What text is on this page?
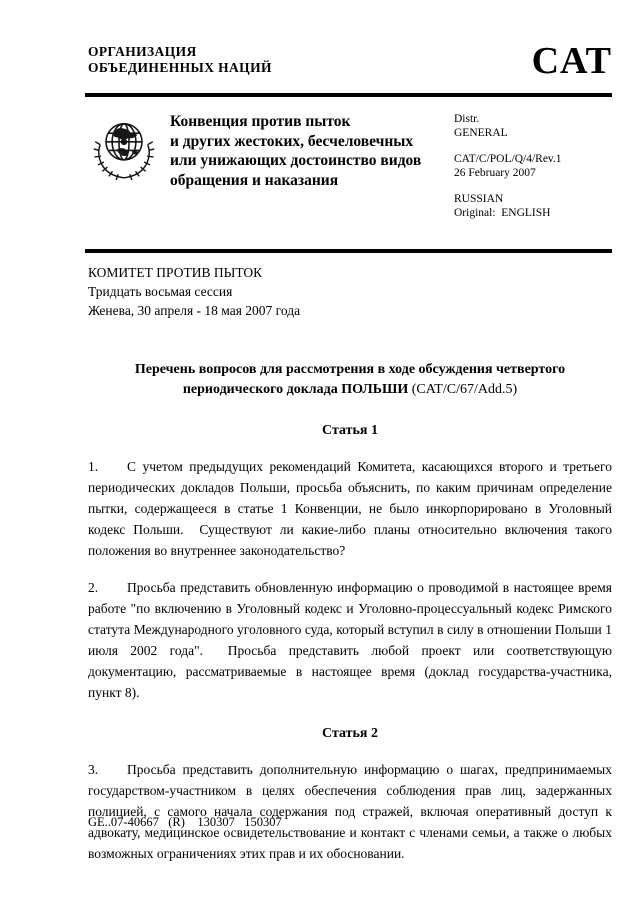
ОРГАНИЗАЦИЯ
ОБЪЕДИНЕННЫХ НАЦИЙ	CAT
Конвенция против пыток
и других жестоких, бесчеловечных
или унижающих достоинство видов
обращения и наказания
Distr.
GENERAL
CAT/C/POL/Q/4/Rev.1
26 February 2007
RUSSIAN
Original:  ENGLISH
КОМИТЕТ ПРОТИВ ПЫТОК
Тридцать восьмая сессия
Женева, 30 апреля - 18 мая 2007 года
Перечень вопросов для рассмотрения в ходе обсуждения четвертого периодического доклада ПОЛЬШИ (CAT/C/67/Add.5)
Статья 1

1. С учетом предыдущих рекомендаций Комитета, касающихся второго и третьего периодических докладов Польши, просьба объяснить, по каким причинам определение пытки, содержащееся в статье 1 Конвенции, не было инкорпорировано в Уголовный кодекс Польши.  Существуют ли какие-либо планы относительно включения такого положения во внутреннее законодательство?

2. Просьба представить обновленную информацию о проводимой в настоящее время работе "по включению в Уголовный кодекс и Уголовно-процессуальный кодекс Римского статута Международного уголовного суда, который вступил в силу в отношении Польши 1 июля 2002 года".  Просьба представить любой проект или соответствующую документацию, рассматриваемые в настоящее время (доклад государства-участника, пункт 8).

Статья 2

3. Просьба представить дополнительную информацию о шагах, предпринимаемых государством-участником в целях обеспечения соблюдения прав лиц, задержанных полицией, с самого начала содержания под стражей, включая оперативный доступ к адвокату, медицинское освидетельствование и контакт с членами семьи, а также о любых возможных ограничениях этих прав и их обосновании.

GE..07-40667   (R)    130307   150307
